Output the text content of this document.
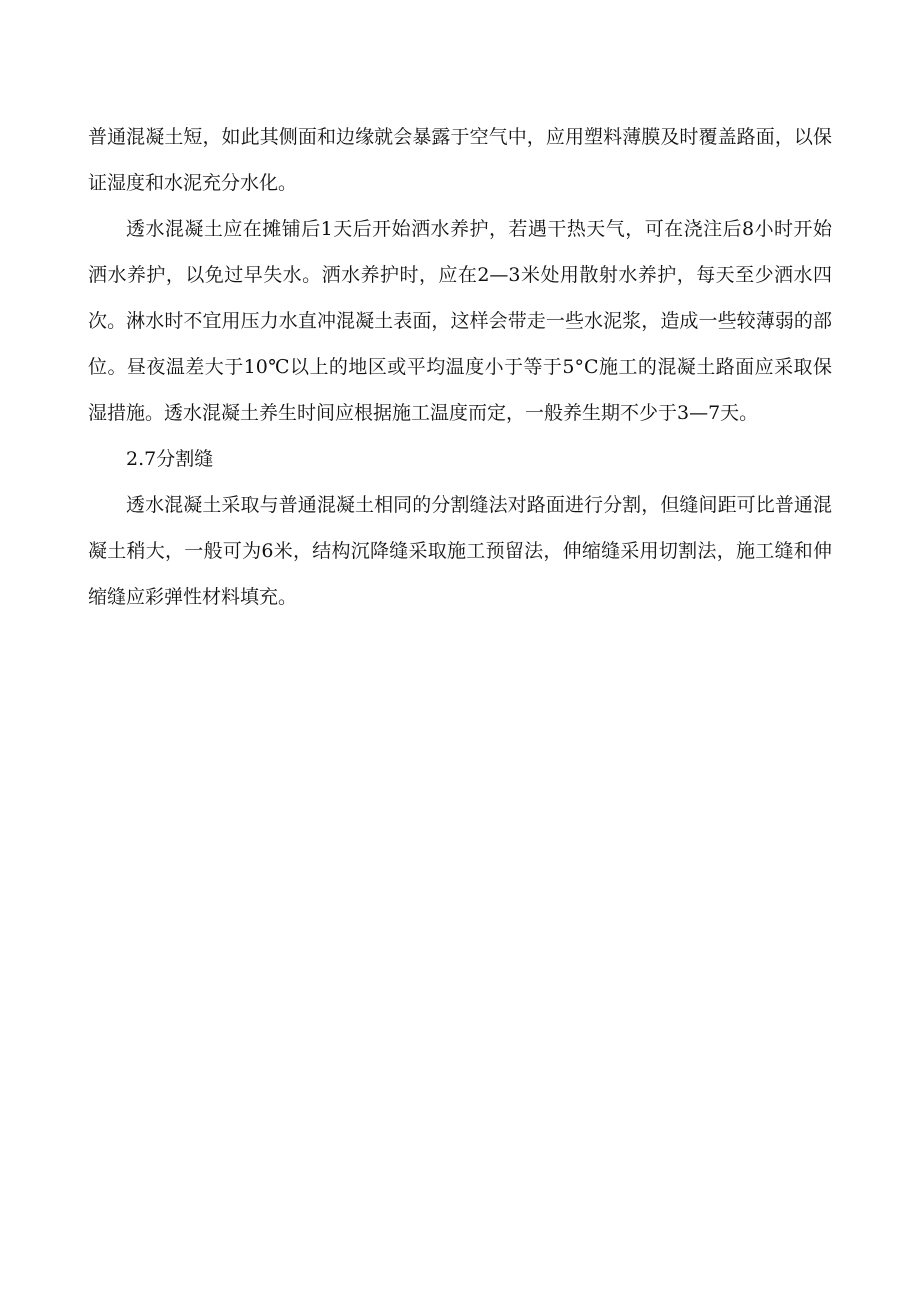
普通混凝土短，如此其侧面和边缘就会暴露于空气中，应用塑料薄膜及时覆盖路面，以保证湿度和水泥充分水化。

透水混凝土应在摊铺后1天后开始洒水养护，若遇干热天气，可在浇注后8小时开始洒水养护，以免过早失水。洒水养护时，应在2—3米处用散射水养护，每天至少洒水四次。淋水时不宜用压力水直冲混凝土表面，这样会带走一些水泥浆，造成一些较薄弱的部位。昼夜温差大于10℃以上的地区或平均温度小于等于5°C施工的混凝土路面应采取保湿措施。透水混凝土养生时间应根据施工温度而定，一般养生期不少于3—7天。

2.7分割缝

透水混凝土采取与普通混凝土相同的分割缝法对路面进行分割，但缝间距可比普通混凝土稍大，一般可为6米，结构沉降缝采取施工预留法，伸缩缝采用切割法，施工缝和伸缩缝应彩弹性材料填充。
